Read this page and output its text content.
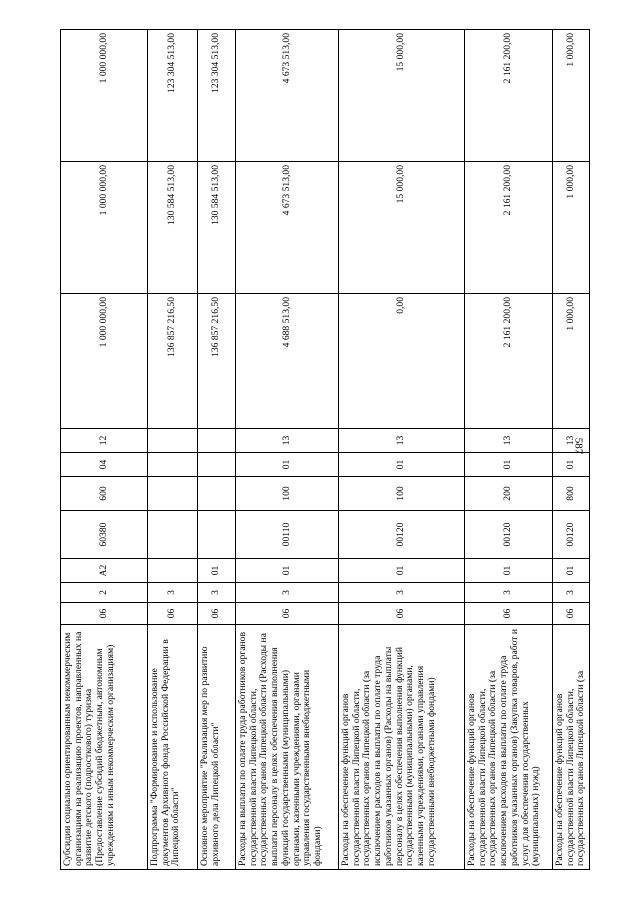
587
Субсидии социально ориентированным некоммерческим организациям на реализацию проектов, направленных на развитие детского (подросткового) туризма (Предоставление субсидий бюджетным, автономным учреждениям и иным некоммерческим организациям)	06	2	А2	60380	600	04	12	1 000 000,00	1 000 000,00	1 000 000,00
Подпрограмма "Формирование и использование документов Архивного фонда Российской Федерации в Липецкой области"	06	3						136 857 216,50	130 584 513,00	123 304 513,00
Основное мероприятие "Реализация мер по развитию архивного дела Липецкой области"	06	3	01					136 857 216,50	130 584 513,00	123 304 513,00
Расходы на выплаты по оплате труда работников органов государственной власти Липецкой области, государственных органов Липецкой области (Расходы на выплаты персоналу в целях обеспечения выполнения функций государственными (муниципальными) органами, казенными учреждениями, органами управления государственными внебюджетными фондами)	06	3	01	00110	100	01	13	4 688 513,00	4 673 513,00	4 673 513,00
Расходы на обеспечение функций органов государственной власти Липецкой области, государственных органов Липецкой области (за исключением расходов на выплаты по оплате труда работников указанных органов) (Расходы на выплаты персоналу в целях обеспечения выполнения функций государственными (муниципальными) органами, казенными учреждениями, органами управления государственными внебюджетными фондами)	06	3	01	00120	100	01	13	0,00	15 000,00	15 000,00
Расходы на обеспечение функций органов государственной власти Липецкой области, государственных органов Липецкой области (за исключением расходов на выплаты по оплате труда работников указанных органов) (Закупка товаров, работ и услуг для обеспечения государственных (муниципальных) нужд)	06	3	01	00120	200	01	13	2 161 200,00	2 161 200,00	2 161 200,00
Расходы на обеспечение функций органов государственной власти Липецкой области, государственных органов Липецкой области (за	06	3	01	00120	800	01	13	1 000,00	1 000,00	1 000,00
